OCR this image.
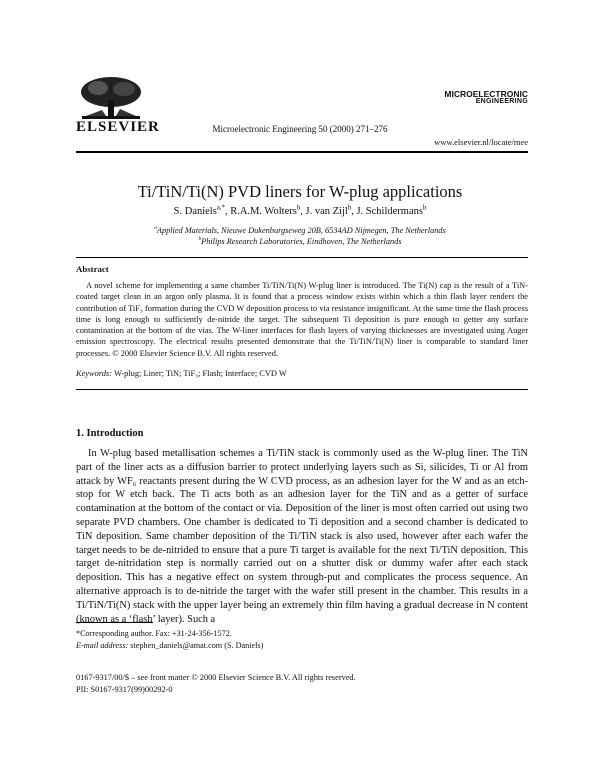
ELSEVIER	Microelectronic Engineering 50 (2000) 271–276
MICROELECTRONIC
ENGINEERING
www.elsevier.nl/locate/mee
Ti/TiN/Ti(N) PVD liners for W-plug applications
S. Daniels$^{a,*}$, R.A.M. Wolters$^b$, J. van Zijl$^b$, J. Schildermans$^b$
$^a$Applied Materials, Nieuwe Dukenburgseweg 20B, 6534AD Nijmegen, The Netherlands
$^b$Philips Research Laboratories, Eindhoven, The Netherlands
Abstract
A novel scheme for implementing a same chamber Ti/TiN/Ti(N) W-plug liner is introduced. The Ti(N) cap is the result of a TiN-coated target clean in an argon only plasma. It is found that a process window exists within which a thin flash layer renders the contribution of TiF₃ formation during the CVD W deposition process to via resistance insignificant. At the same time the flash process time is long enough to sufficiently de-nitride the target. The subsequent Ti deposition is pure enough to getter any surface contamination at the bottom of the vias. The W-liner interfaces for flash layers of varying thicknesses are investigated using Auger emission spectroscopy. The electrical results presented demonstrate that the Ti/TiN/Ti(N) liner is comparable to standard liner processes. © 2000 Elsevier Science B.V. All rights reserved.
Keywords: W-plug; Liner; TiN; TiF₃; Flash; Interface; CVD W
1. Introduction
In W-plug based metallisation schemes a Ti/TiN stack is commonly used as the W-plug liner. The TiN part of the liner acts as a diffusion barrier to protect underlying layers such as Si, silicides, Ti or Al from attack by WF₆ reactants present during the W CVD process, as an adhesion layer for the W and as an etch-stop for W etch back. The Ti acts both as an adhesion layer for the TiN and as a getter of surface contamination at the bottom of the contact or via. Deposition of the liner is most often carried out using two separate PVD chambers. One chamber is dedicated to Ti deposition and a second chamber is dedicated to TiN deposition. Same chamber deposition of the Ti/TiN stack is also used, however after each wafer the target needs to be de-nitrided to ensure that a pure Ti target is available for the next Ti/TiN deposition. This target de-nitridation step is normally carried out on a shutter disk or dummy wafer after each stack deposition. This has a negative effect on system through-put and complicates the process sequence. An alternative approach is to de-nitride the target with the wafer still present in the chamber. This results in a Ti/TiN/Ti(N) stack with the upper layer being an extremely thin film having a gradual decrease in N content (known as a ‘flash’ layer). Such a
*Corresponding author. Fax: +31-24-356-1572.
E-mail address: stephen_daniels@amat.com (S. Daniels)
0167-9317/00/$ – see front matter © 2000 Elsevier Science B.V. All rights reserved.
PII: S0167-9317(99)00292-0
